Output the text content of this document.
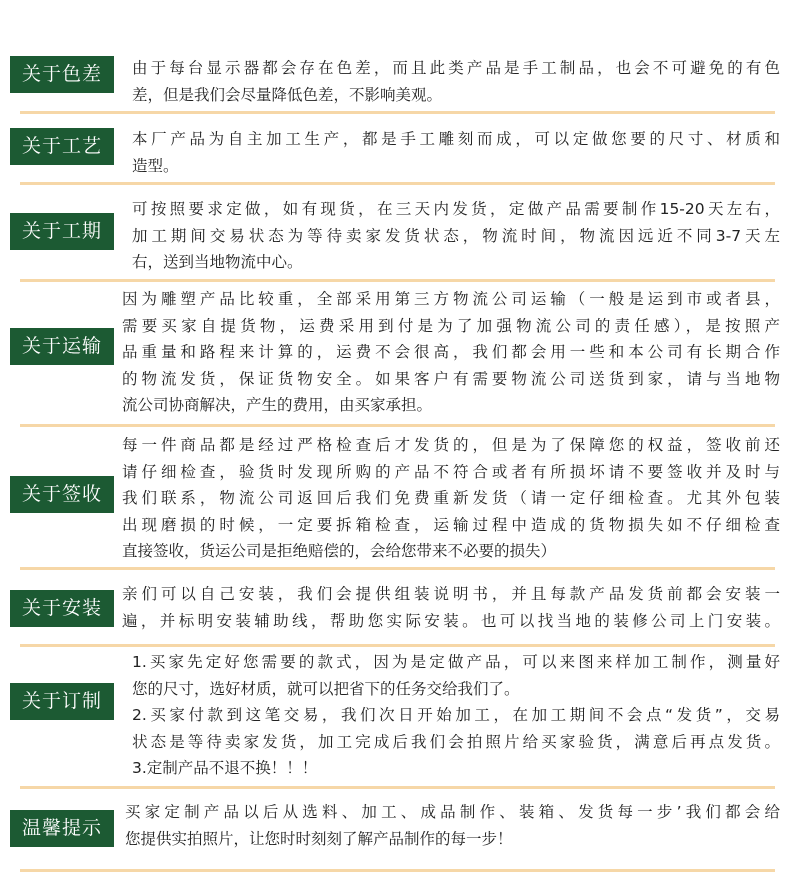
关于色差	由于每台显示器都会存在色差，而且此类产品是手工制品，也会不可避免的有色
差，但是我们会尽量降低色差，不影响美观。
关于工艺	本厂产品为自主加工生产，都是手工雕刻而成，可以定做您要的尺寸、材质和
造型。
关于工期
可按照要求定做，如有现货，在三天内发货，定做产品需要制作15-20天左右，
加工期间交易状态为等待卖家发货状态，物流时间，物流因远近不同3-7天左
右，送到当地物流中心。
关于运输
因为雕塑产品比较重，全部采用第三方物流公司运输（一般是运到市或者县，
需要买家自提货物，运费采用到付是为了加强物流公司的责任感），是按照产
品重量和路程来计算的，运费不会很高，我们都会用一些和本公司有长期合作
的物流发货，保证货物安全。如果客户有需要物流公司送货到家，请与当地物
流公司协商解决，产生的费用，由买家承担。
关于签收
每一件商品都是经过严格检查后才发货的，但是为了保障您的权益，签收前还
请仔细检查，验货时发现所购的产品不符合或者有所损坏请不要签收并及时与
我们联系，物流公司返回后我们免费重新发货（请一定仔细检查。尤其外包装
出现磨损的时候，一定要拆箱检查，运输过程中造成的货物损失如不仔细检查
直接签收，货运公司是拒绝赔偿的，会给您带来不必要的损失）
关于安装
亲们可以自己安装，我们会提供组装说明书，并且每款产品发货前都会安装一
遍，并标明安装辅助线，帮助您实际安装。也可以找当地的装修公司上门安装。
关于订制
1.买家先定好您需要的款式，因为是定做产品，可以来图来样加工制作，测量好
您的尺寸，选好材质，就可以把省下的任务交给我们了。
2.买家付款到这笔交易，我们次日开始加工，在加工期间不会点“发货”，交易
状态是等待卖家发货，加工完成后我们会拍照片给买家验货，满意后再点发货。
3.定制产品不退不换！！！
温馨提示
买家定制产品以后从选料、加工、成品制作、装箱、发货每一步’我们都会给
您提供实拍照片，让您时时刻刻了解产品制作的每一步！
